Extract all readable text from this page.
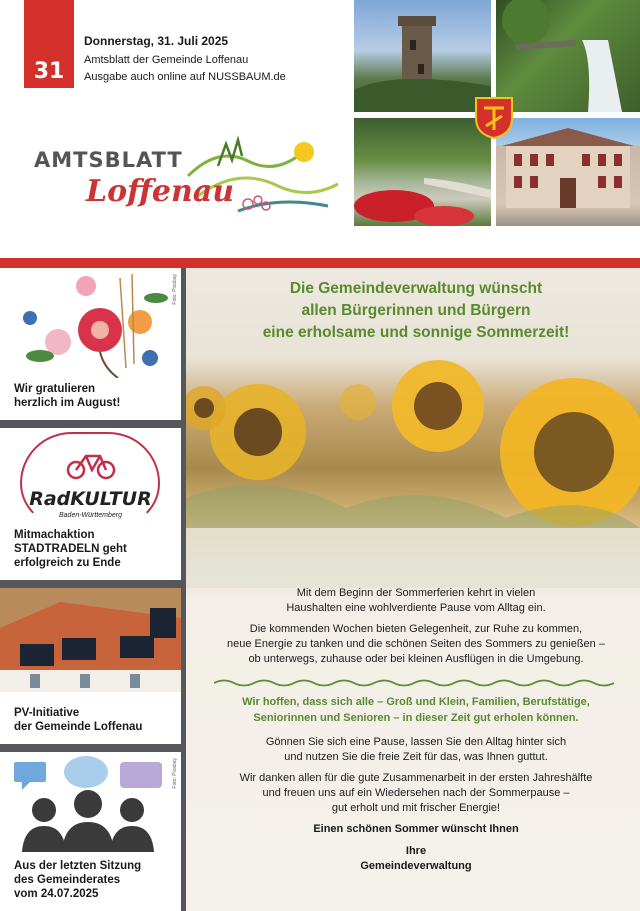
31
Donnerstag, 31. Juli 2025
Amtsblatt der Gemeinde Loffenau
Ausgabe auch online auf NUSSBAUM.de
AMTSBLATT
Loffenau
Foto: Pixabay
Wir gratulieren
herzlich im August!
RadKULTUR
Baden-Württemberg
Mitmachaktion
STADTRADELN geht
erfolgreich zu Ende
PV-Initiative
der Gemeinde Loffenau
Foto: Pixabay
Aus der letzten Sitzung
des Gemeinderates
vom 24.07.2025
Die Gemeindeverwaltung wünscht
allen Bürgerinnen und Bürgern
eine erholsame und sonnige Sommerzeit!
Mit dem Beginn der Sommerferien kehrt in vielen
Haushalten eine wohlverdiente Pause vom Alltag ein.
Die kommenden Wochen bieten Gelegenheit, zur Ruhe zu kommen,
neue Energie zu tanken und die schönen Seiten des Sommers zu genießen –
ob unterwegs, zuhause oder bei kleinen Ausflügen in die Umgebung.
Wir hoffen, dass sich alle – Groß und Klein, Familien, Berufstätige,
Seniorinnen und Senioren – in dieser Zeit gut erholen können.
Gönnen Sie sich eine Pause, lassen Sie den Alltag hinter sich
und nutzen Sie die freie Zeit für das, was Ihnen guttut.
Wir danken allen für die gute Zusammenarbeit in der ersten Jahreshälfte
und freuen uns auf ein Wiedersehen nach der Sommerpause –
gut erholt und mit frischer Energie!
Einen schönen Sommer wünscht Ihnen
Ihre
Gemeindeverwaltung
